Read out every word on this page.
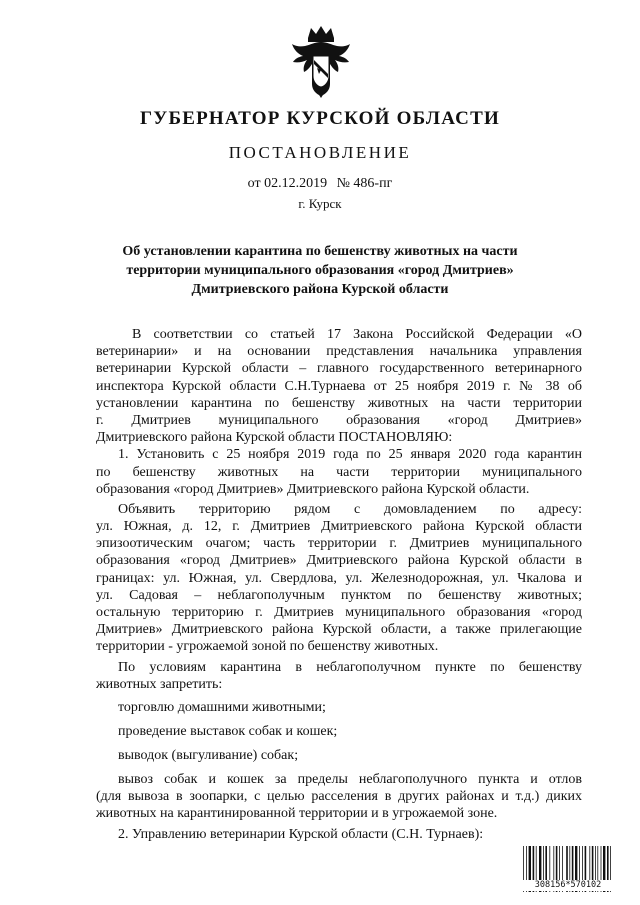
ГУБЕРНАТОР КУРСКОЙ ОБЛАСТИ
ПОСТАНОВЛЕНИЕ
от 02.12.2019 № 486-пг
г. Курск
Об установлении карантина по бешенству животных на части
территории муниципального образования «город Дмитриев»
Дмитриевского района Курской области
В соответствии со статьей 17 Закона Российской Федерации «О
ветеринарии» и на основании представления начальника управления
ветеринарии Курской области – главного государственного ветеринарного
инспектора Курской области С.Н.Турнаева от 25 ноября 2019 г. № 38 об
установлении карантина по бешенству животных на части территории
г. Дмитриев муниципального образования «город Дмитриев»
Дмитриевского района Курской области ПОСТАНОВЛЯЮ:
1. Установить с 25 ноября 2019 года по 25 января 2020 года карантин
по бешенству животных на части территории муниципального
образования «город Дмитриев» Дмитриевского района Курской области.
Объявить территорию рядом с домовладением по адресу:
ул. Южная, д. 12, г. Дмитриев Дмитриевского района Курской области
эпизоотическим очагом; часть территории г. Дмитриев муниципального
образования «город Дмитриев» Дмитриевского района Курской области в
границах: ул. Южная, ул. Свердлова, ул. Железнодорожная, ул. Чкалова и
ул. Садовая – неблагополучным пунктом по бешенству животных;
остальную территорию г. Дмитриев муниципального образования «город
Дмитриев» Дмитриевского района Курской области, а также прилегающие
территории - угрожаемой зоной по бешенству животных.
По условиям карантина в неблагополучном пункте по бешенству
животных запретить:
торговлю домашними животными;
проведение выставок собак и кошек;
выводок (выгуливание) собак;
вывоз собак и кошек за пределы неблагополучного пункта и отлов
(для вывоза в зоопарки, с целью расселения в других районах и т.д.) диких
животных на карантинированной территории и в угрожаемой зоне.
2. Управлению ветеринарии Курской области (С.Н. Турнаев):
308156*570102
